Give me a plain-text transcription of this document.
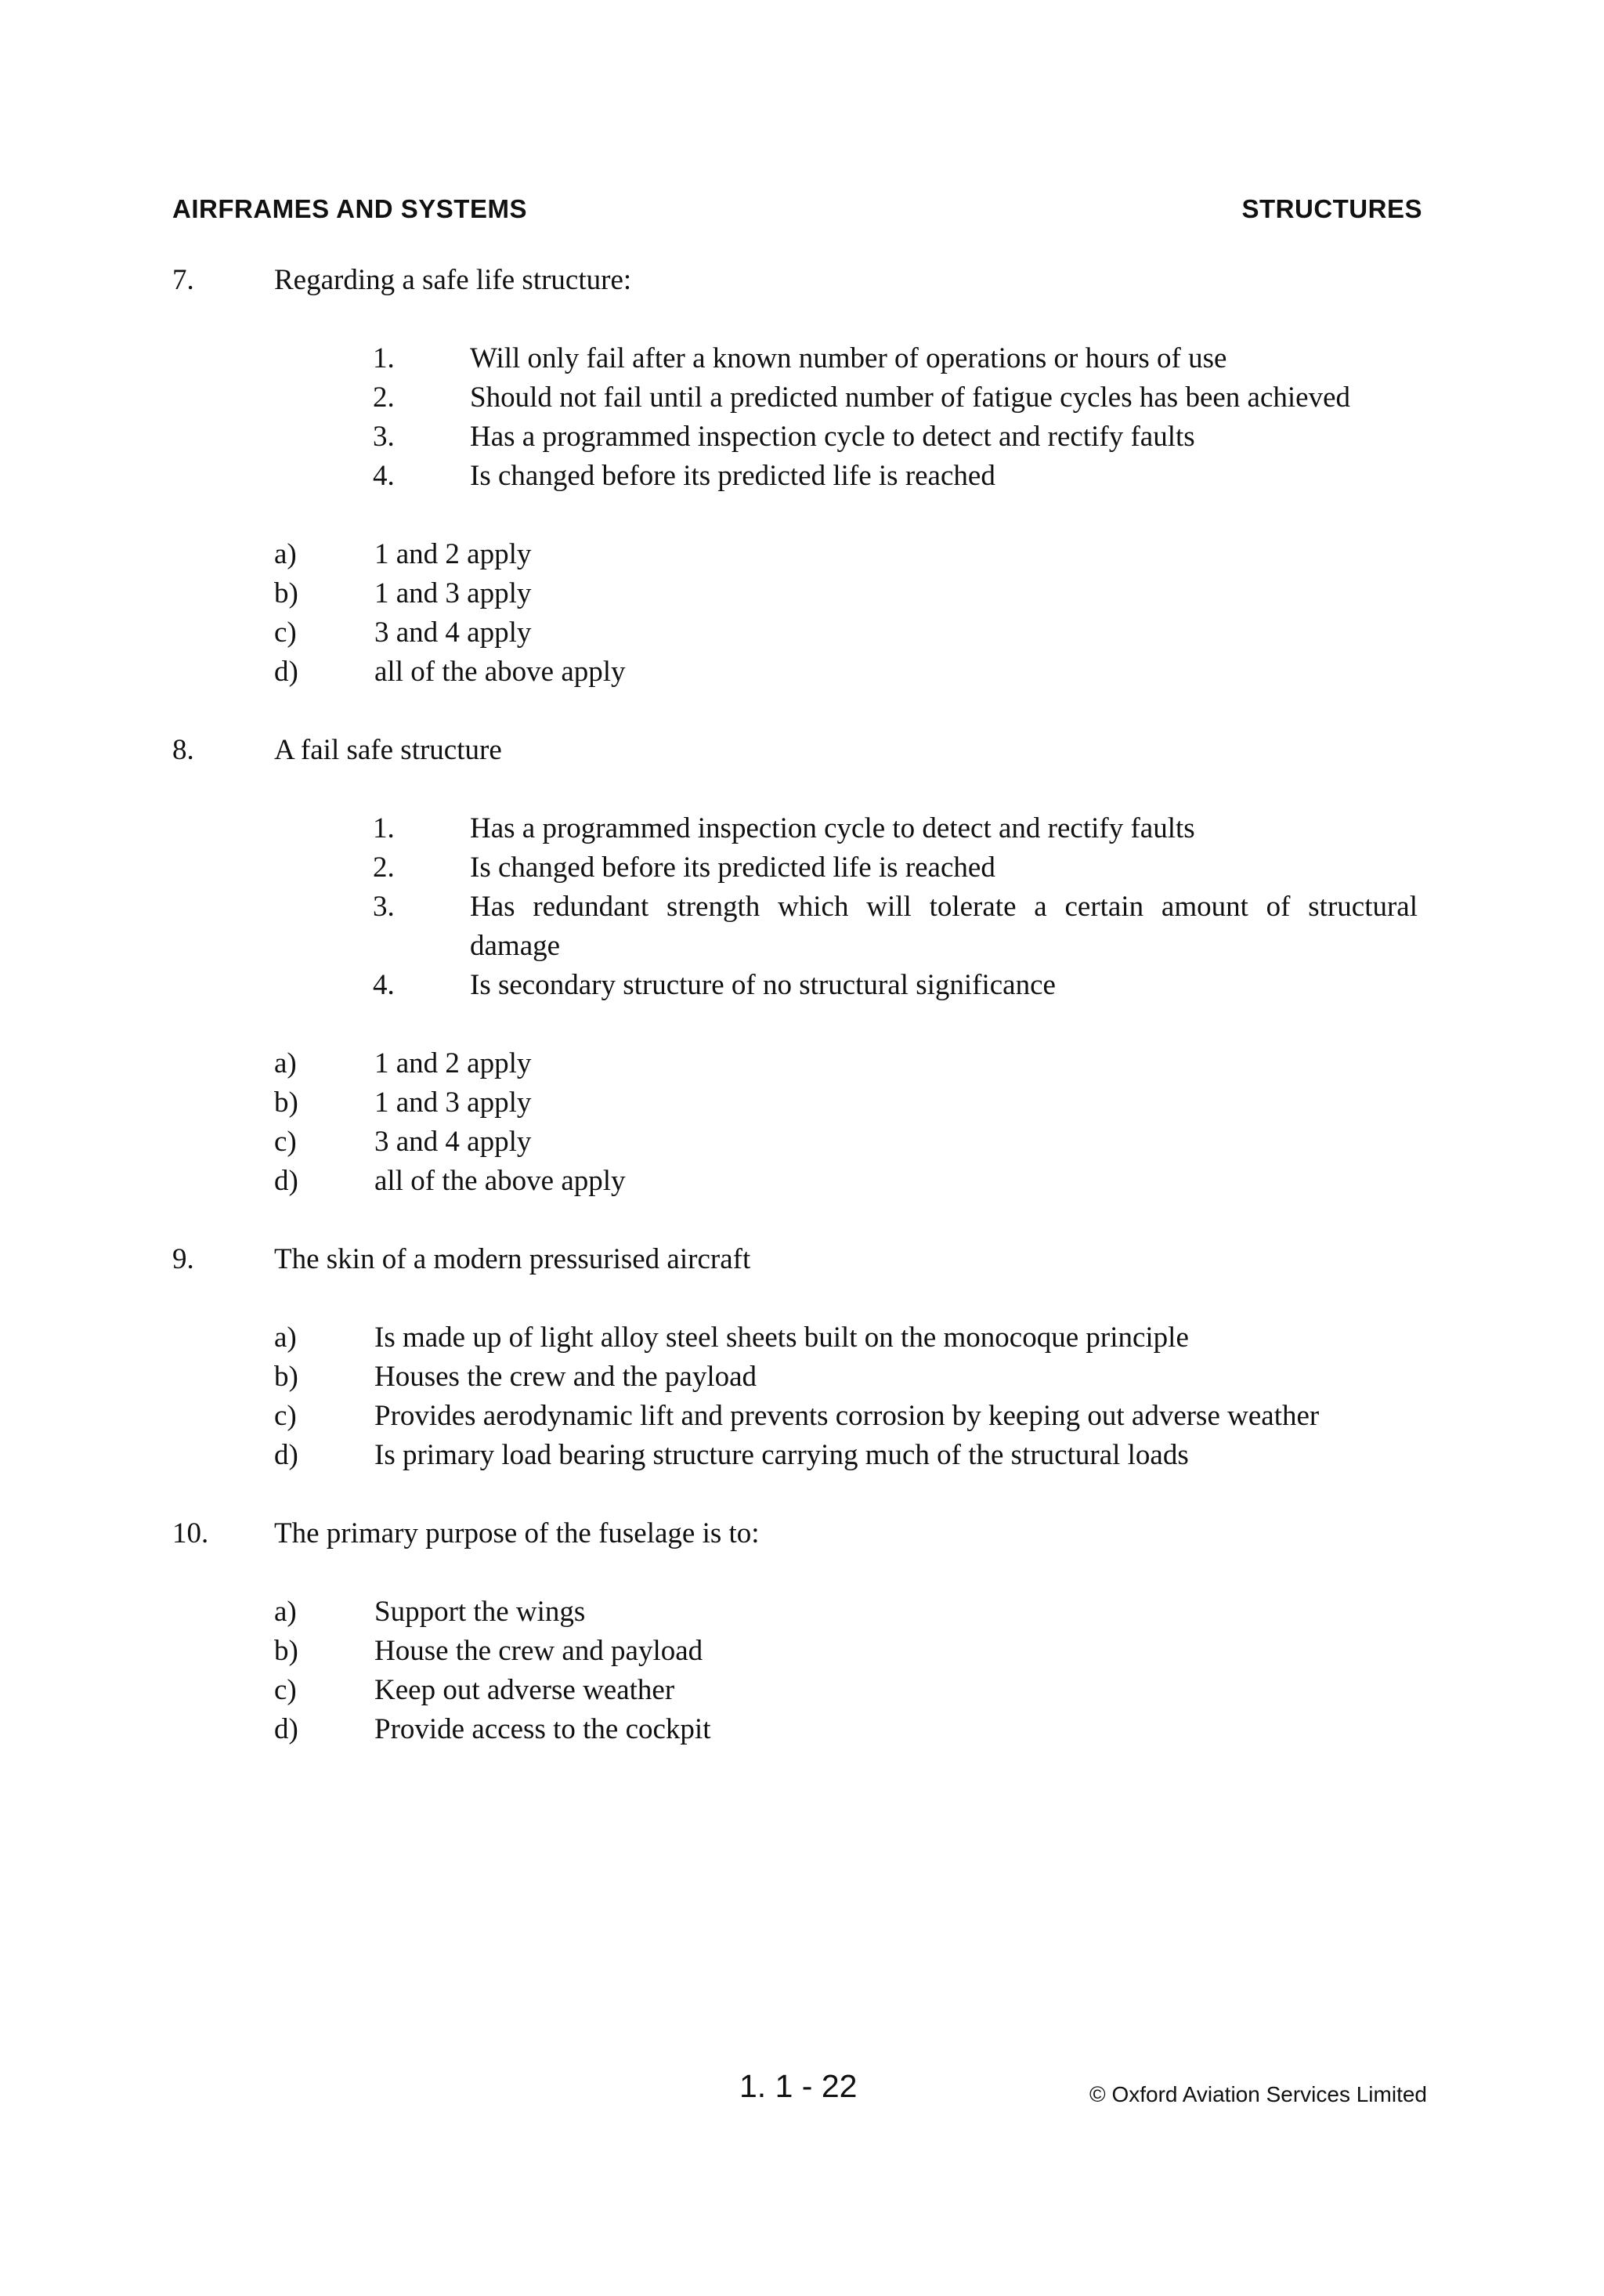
AIRFRAMES AND SYSTEMS	STRUCTURES
7.	Regarding a safe life structure:
1.	Will only fail after a known number of operations or hours of use
2.	Should not fail until a predicted number of fatigue cycles has been achieved
3.	Has a programmed inspection cycle to detect and rectify faults
4.	Is changed before its predicted life is reached
a)	1 and 2 apply
b)	1 and 3 apply
c)	3 and 4 apply
d)	all of the above apply
8.	A fail safe structure
1.	Has a programmed inspection cycle to detect and rectify faults
2.	Is changed before its predicted life is reached
3.	Has redundant strength which will tolerate a certain amount of structural
damage
4.	Is secondary structure of no structural significance
a)	1 and 2 apply
b)	1 and 3 apply
c)	3 and 4 apply
d)	all of the above apply
9.	The skin of a modern pressurised aircraft
a)	Is made up of light alloy steel sheets built on the monocoque principle
b)	Houses the crew and the payload
c)	Provides aerodynamic lift and prevents corrosion by keeping out adverse weather
d)	Is primary load bearing structure carrying much of the structural loads
10. The primary purpose of the fuselage is to:
a)	Support the wings
b)	House the crew and payload
c)	Keep out adverse weather
d)	Provide access to the cockpit
1. 1 - 22	© Oxford Aviation Services Limited
